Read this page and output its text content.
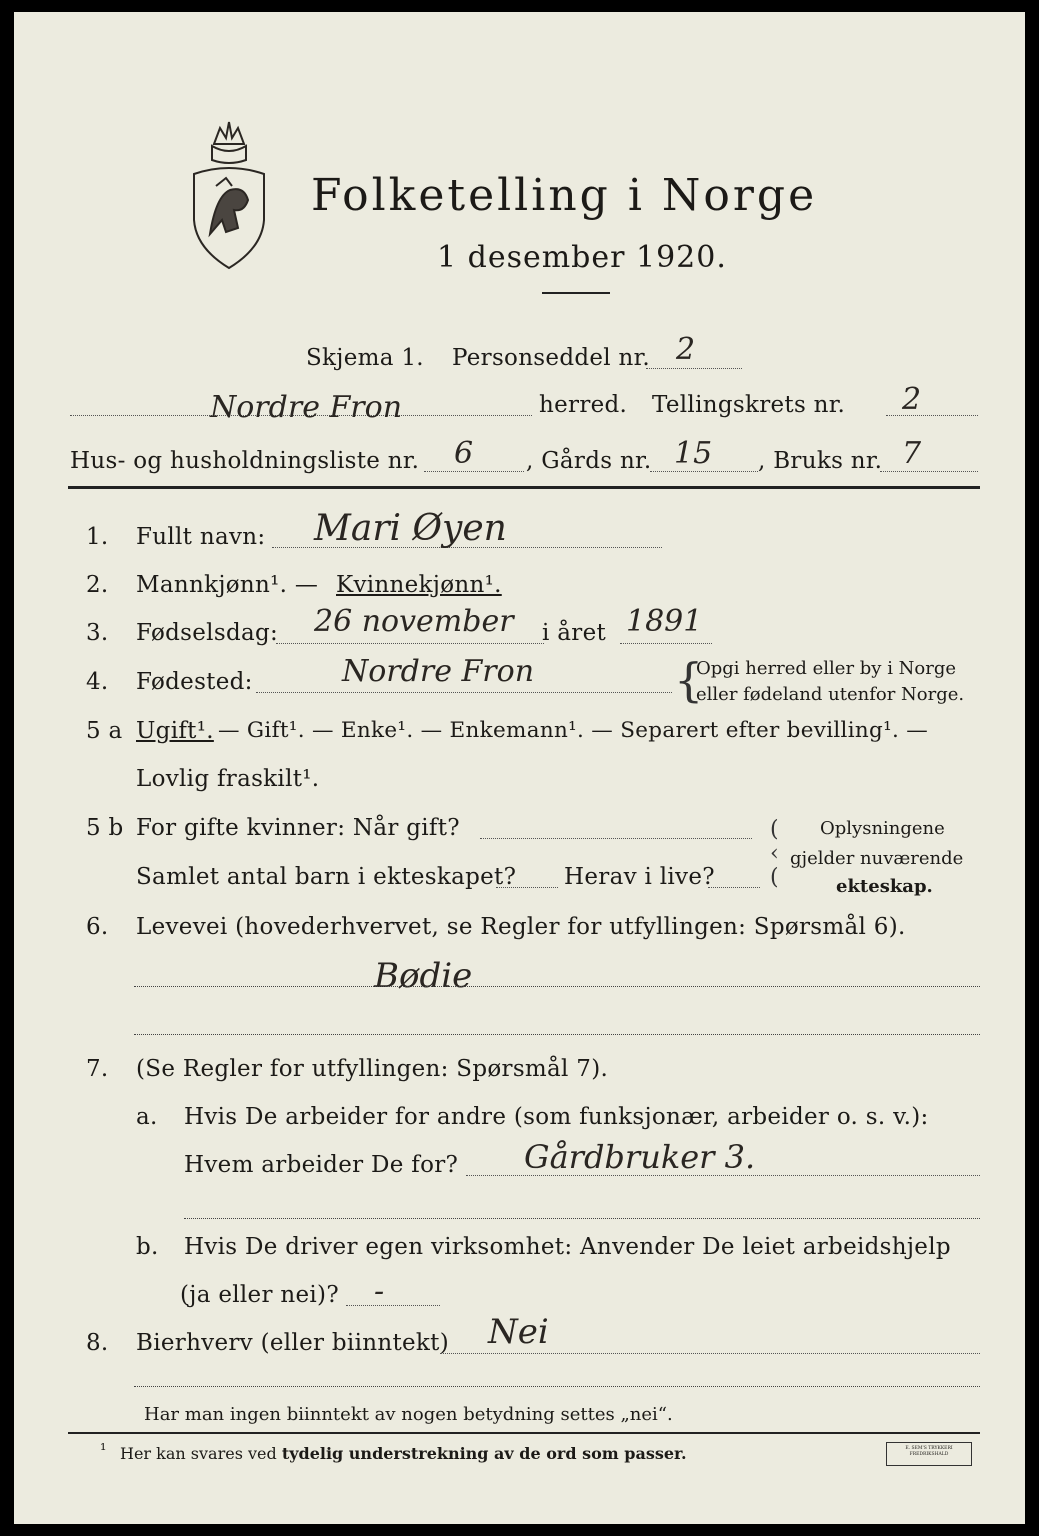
Folketelling i Norge
1 desember 1920.
Skjema 1. Personseddel nr. 2
Nordre Fron	herred. Tellingskrets nr. 2
Hus- og husholdningsliste nr. 6 , Gårds nr. 15 , Bruks nr. 7
1. Fullt navn: Mari Øyen
2. Mannkjønn¹. — Kvinnekjønn¹.
3. Fødselsdag: 26 november i året 1891
4. Fødested:	Nordre Fron	{
Opgi herred eller by i Norge
eller fødeland utenfor Norge.
5 a Ugift¹. — Gift¹. — Enke¹. — Enkemann¹. — Separert efter bevilling¹. —
Lovlig fraskilt¹.
5 b For gifte kvinner: Når gift?
Samlet antal barn i ekteskapet? Herav i live?
(
‹
(
Oplysningene
gjelder nuværende
ekteskap.
6. Levevei (hovederhvervet, se Regler for utfyllingen: Spørsmål 6).
Bødie
7. (Se Regler for utfyllingen: Spørsmål 7).
a. Hvis De arbeider for andre (som funksjonær, arbeider o. s. v.):
Hvem arbeider De for? Gårdbruker 3.
b. Hvis De driver egen virksomhet: Anvender De leiet arbeidshjelp
(ja eller nei)? -
8. Bierhverv (eller biinntekt) Nei
Har man ingen biinntekt av nogen betydning settes „nei“.
¹ Her kan svares ved tydelig understrekning av de ord som passer.	E. SEM'S TRYKKERI FREDRIKSHALD
